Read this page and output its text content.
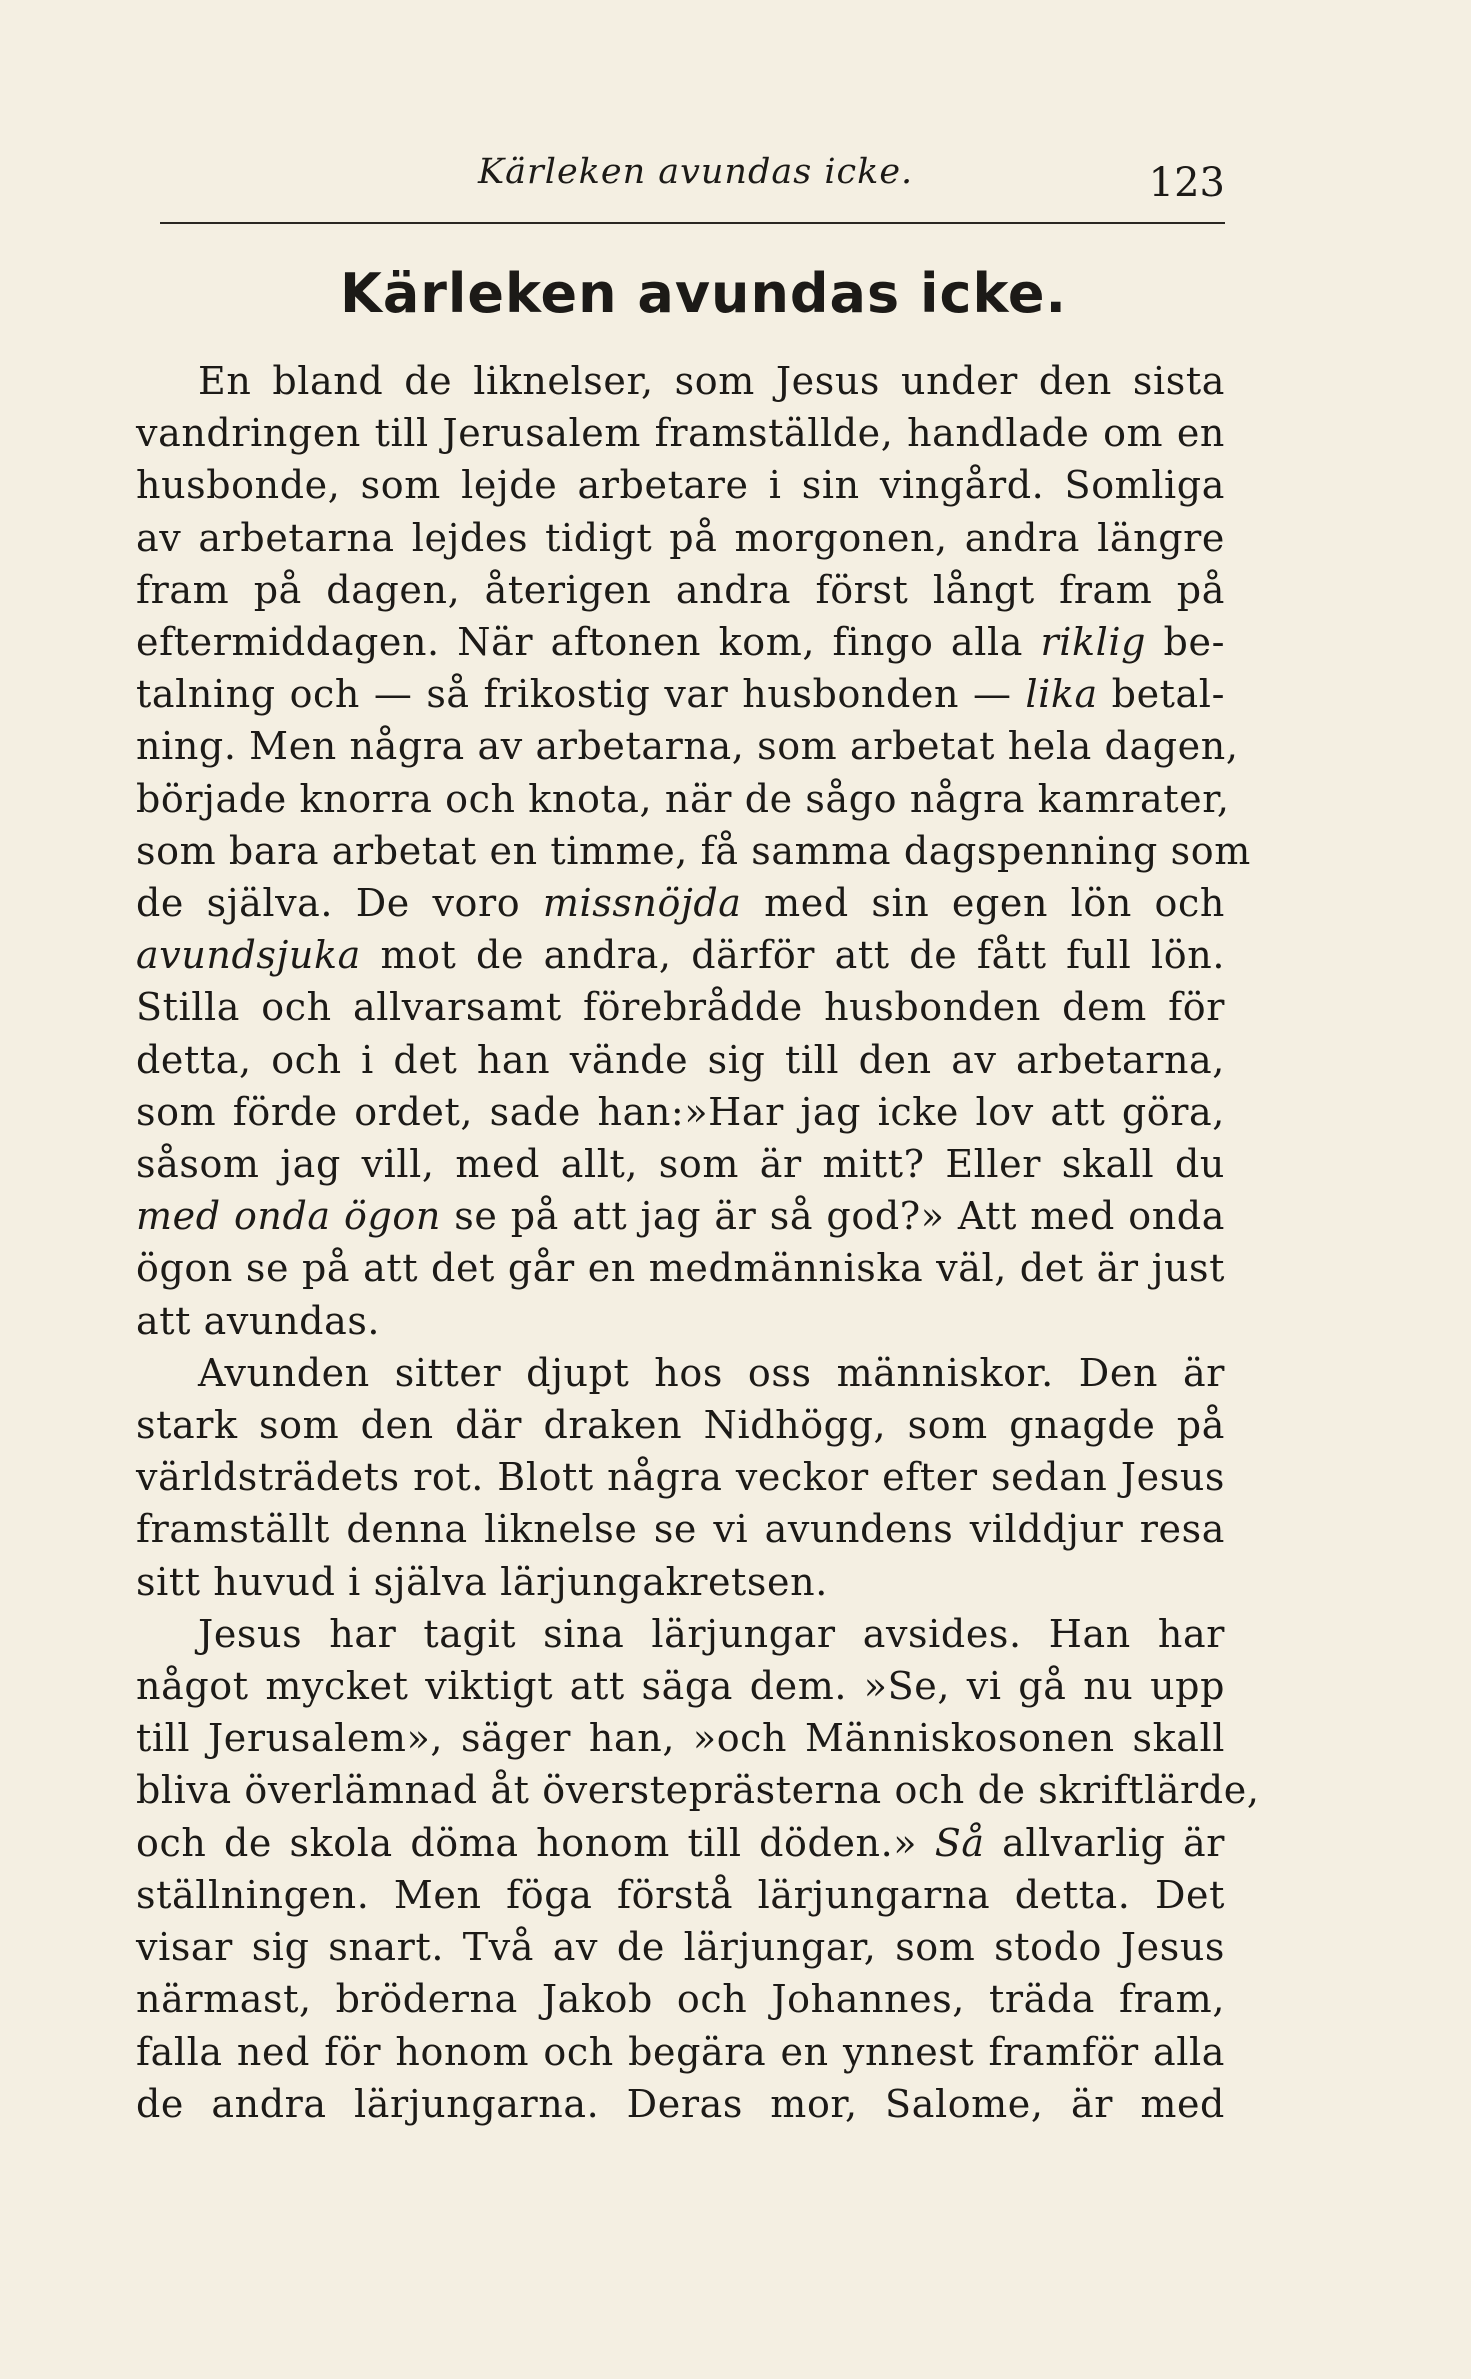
Kärleken avundas icke.	123
Kärleken avundas icke.
En bland de liknelser, som Jesus under den sista
vandringen till Jerusalem framställde, handlade om en
husbonde, som lejde arbetare i sin vingård. Somliga
av arbetarna lejdes tidigt på morgonen, andra längre
fram på dagen, återigen andra först långt fram på
eftermiddagen. När aftonen kom, fingo alla riklig be-
talning och — så frikostig var husbonden — lika betal-
ning. Men några av arbetarna, som arbetat hela dagen,
började knorra och knota, när de sågo några kamrater,
som bara arbetat en timme, få samma dagspenning som
de själva. De voro missnöjda med sin egen lön och
avundsjuka mot de andra, därför att de fått full lön.
Stilla och allvarsamt förebrådde husbonden dem för
detta, och i det han vände sig till den av arbetarna,
som förde ordet, sade han:»Har jag icke lov att göra,
såsom jag vill, med allt, som är mitt? Eller skall du
med onda ögon se på att jag är så god?» Att med onda
ögon se på att det går en medmänniska väl, det är just
att avundas.
Avunden sitter djupt hos oss människor. Den är
stark som den där draken Nidhögg, som gnagde på
världsträdets rot. Blott några veckor efter sedan Jesus
framställt denna liknelse se vi avundens vilddjur resa
sitt huvud i själva lärjungakretsen.
Jesus har tagit sina lärjungar avsides. Han har
något mycket viktigt att säga dem. »Se, vi gå nu upp
till Jerusalem», säger han, »och Människosonen skall
bliva överlämnad åt översteprästerna och de skriftlärde,
och de skola döma honom till döden.» Så allvarlig är
ställningen. Men föga förstå lärjungarna detta. Det
visar sig snart. Två av de lärjungar, som stodo Jesus
närmast, bröderna Jakob och Johannes, träda fram,
falla ned för honom och begära en ynnest framför alla
de andra lärjungarna. Deras mor, Salome, är med
